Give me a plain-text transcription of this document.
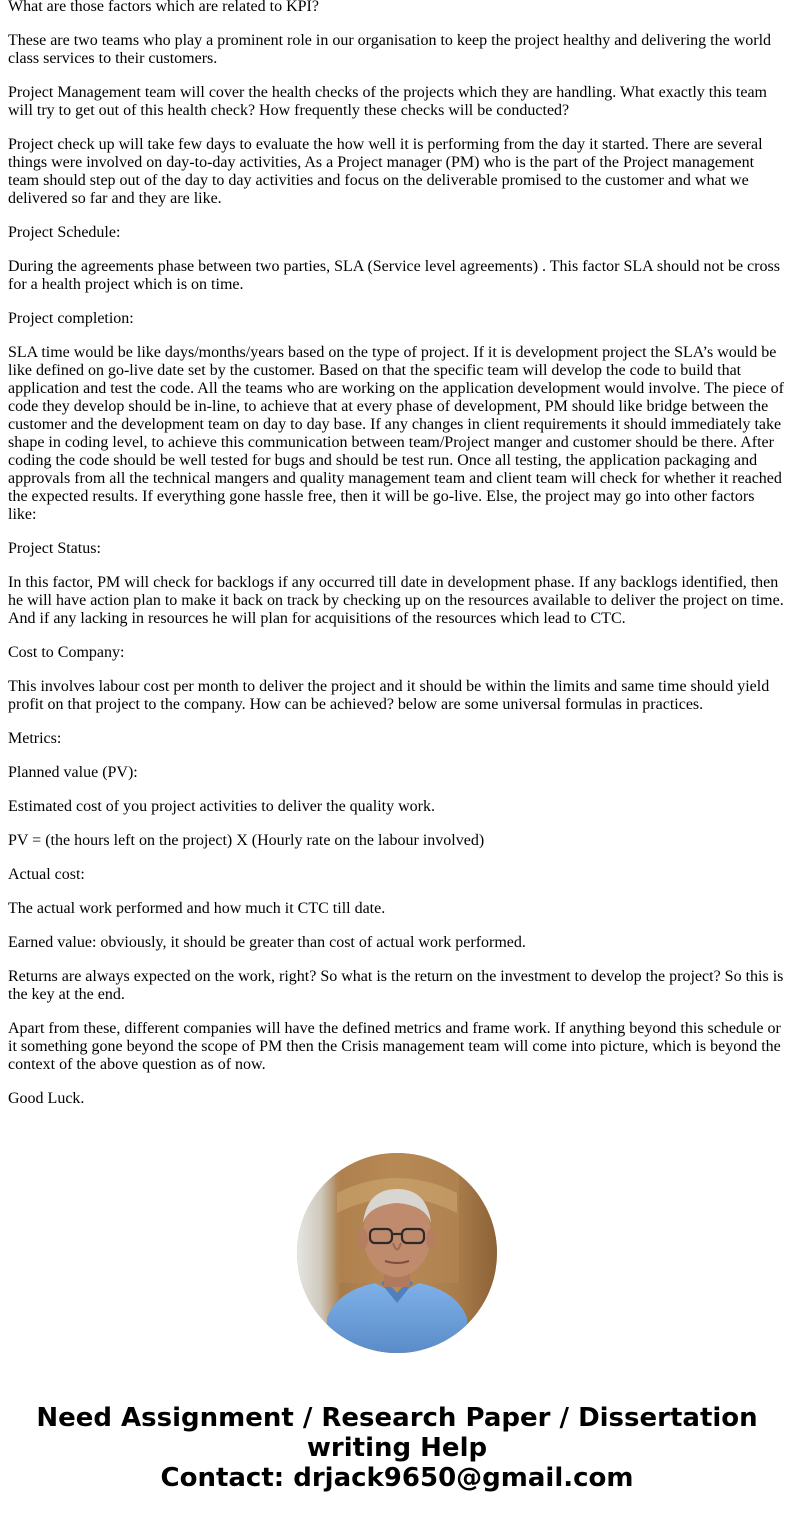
What are those factors which are related to KPI?

These are two teams who play a prominent role in our organisation to keep the project healthy and delivering the world class services to their customers.

Project Management team will cover the health checks of the projects which they are handling. What exactly this team will try to get out of this health check? How frequently these checks will be conducted?

Project check up will take few days to evaluate the how well it is performing from the day it started. There are several things were involved on day-to-day activities, As a Project manager (PM) who is the part of the Project management team should step out of the day to day activities and focus on the deliverable promised to the customer and what we delivered so far and they are like.

Project Schedule:

During the agreements phase between two parties, SLA (Service level agreements) . This factor SLA should not be cross for a health project which is on time.

Project completion:

SLA time would be like days/months/years based on the type of project. If it is development project the SLA’s would be like defined on go-live date set by the customer. Based on that the specific team will develop the code to build that application and test the code. All the teams who are working on the application development would involve. The piece of code they develop should be in-line, to achieve that at every phase of development, PM should like bridge between the customer and the development team on day to day base. If any changes in client requirements it should immediately take shape in coding level, to achieve this communication between team/Project manger and customer should be there. After coding the code should be well tested for bugs and should be test run. Once all testing, the application packaging and approvals from all the technical mangers and quality management team and client team will check for whether it reached the expected results. If everything gone hassle free, then it will be go-live. Else, the project may go into other factors like:

Project Status:

In this factor, PM will check for backlogs if any occurred till date in development phase. If any backlogs identified, then he will have action plan to make it back on track by checking up on the resources available to deliver the project on time. And if any lacking in resources he will plan for acquisitions of the resources which lead to CTC.

Cost to Company:

This involves labour cost per month to deliver the project and it should be within the limits and same time should yield profit on that project to the company. How can be achieved? below are some universal formulas in practices.

Metrics:

Planned value (PV):

Estimated cost of you project activities to deliver the quality work.

PV = (the hours left on the project) X (Hourly rate on the labour involved)

Actual cost:

The actual work performed and how much it CTC till date.

Earned value: obviously, it should be greater than cost of actual work performed.

Returns are always expected on the work, right? So what is the return on the investment to develop the project? So this is the key at the end.

Apart from these, different companies will have the defined metrics and frame work. If anything beyond this schedule or it something gone beyond the scope of PM then the Crisis management team will come into picture, which is beyond the context of the above question as of now.

Good Luck.

Need Assignment / Research Paper / Dissertation writing Help
Contact: drjack9650@gmail.com
